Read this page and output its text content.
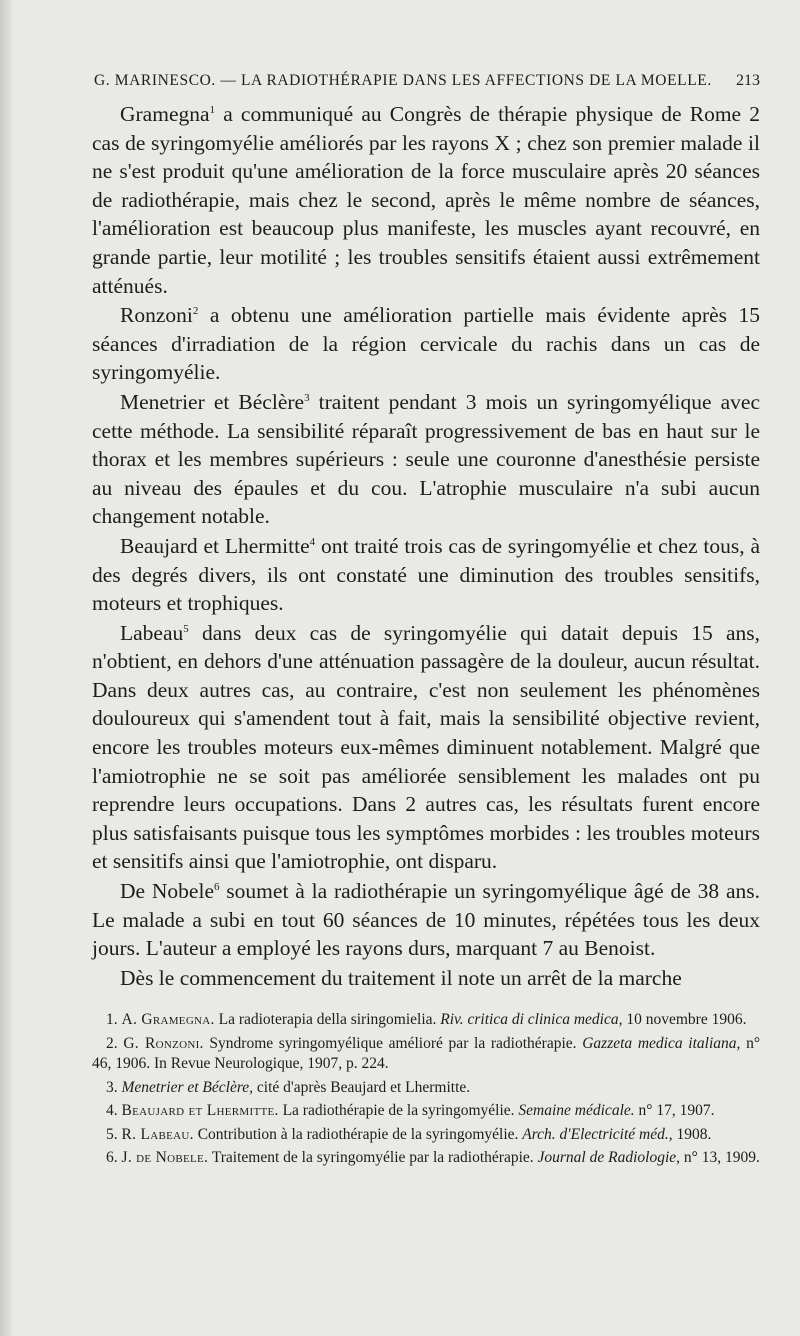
G. MARINESCO. — LA RADIOTHÉRAPIE DANS LES AFFECTIONS DE LA MOELLE. 213

Gramegna$^1$ a communiqué au Congrès de thérapie physique de Rome 2 cas de syringomyélie améliorés par les rayons X ; chez son premier malade il ne s'est produit qu'une amélioration de la force musculaire après 20 séances de radiothérapie, mais chez le second, après le même nombre de séances, l'amélioration est beaucoup plus manifeste, les muscles ayant recouvré, en grande partie, leur motilité ; les troubles sensitifs étaient aussi extrêmement atténués.

Ronzoni$^2$ a obtenu une amélioration partielle mais évidente après 15 séances d'irradiation de la région cervicale du rachis dans un cas de syringomyélie.

Menetrier et Béclère$^3$ traitent pendant 3 mois un syringomyélique avec cette méthode. La sensibilité réparaît progressivement de bas en haut sur le thorax et les membres supérieurs : seule une couronne d'anesthésie persiste au niveau des épaules et du cou. L'atrophie musculaire n'a subi aucun changement notable.

Beaujard et Lhermitte$^4$ ont traité trois cas de syringomyélie et chez tous, à des degrés divers, ils ont constaté une diminution des troubles sensitifs, moteurs et trophiques.

Labeau$^5$ dans deux cas de syringomyélie qui datait depuis 15 ans, n'obtient, en dehors d'une atténuation passagère de la douleur, aucun résultat. Dans deux autres cas, au contraire, c'est non seulement les phénomènes douloureux qui s'amendent tout à fait, mais la sensibilité objective revient, encore les troubles moteurs eux-mêmes diminuent notablement. Malgré que l'amiotrophie ne se soit pas améliorée sensiblement les malades ont pu reprendre leurs occupations. Dans 2 autres cas, les résultats furent encore plus satisfaisants puisque tous les symptômes morbides : les troubles moteurs et sensitifs ainsi que l'amiotrophie, ont disparu.

De Nobele$^6$ soumet à la radiothérapie un syringomyélique âgé de 38 ans. Le malade a subi en tout 60 séances de 10 minutes, répétées tous les deux jours. L'auteur a employé les rayons durs, marquant 7 au Benoist.

Dès le commencement du traitement il note un arrêt de la marche

1. A. Gramegna. La radioterapia della siringomielia. Riv. critica di clinica medica, 10 novembre 1906.

2. G. Ronzoni. Syndrome syringomyélique amélioré par la radiothérapie. Gazzeta medica italiana, n° 46, 1906. In Revue Neurologique, 1907, p. 224.

3. Menetrier et Béclère, cité d'après Beaujard et Lhermitte.

4. Beaujard et Lhermitte. La radiothérapie de la syringomyélie. Semaine médicale. n° 17, 1907.

5. R. Labeau. Contribution à la radiothérapie de la syringomyélie. Arch. d'Electricité méd., 1908.

6. J. de Nobele. Traitement de la syringomyélie par la radiothérapie. Journal de Radiologie, n° 13, 1909.
